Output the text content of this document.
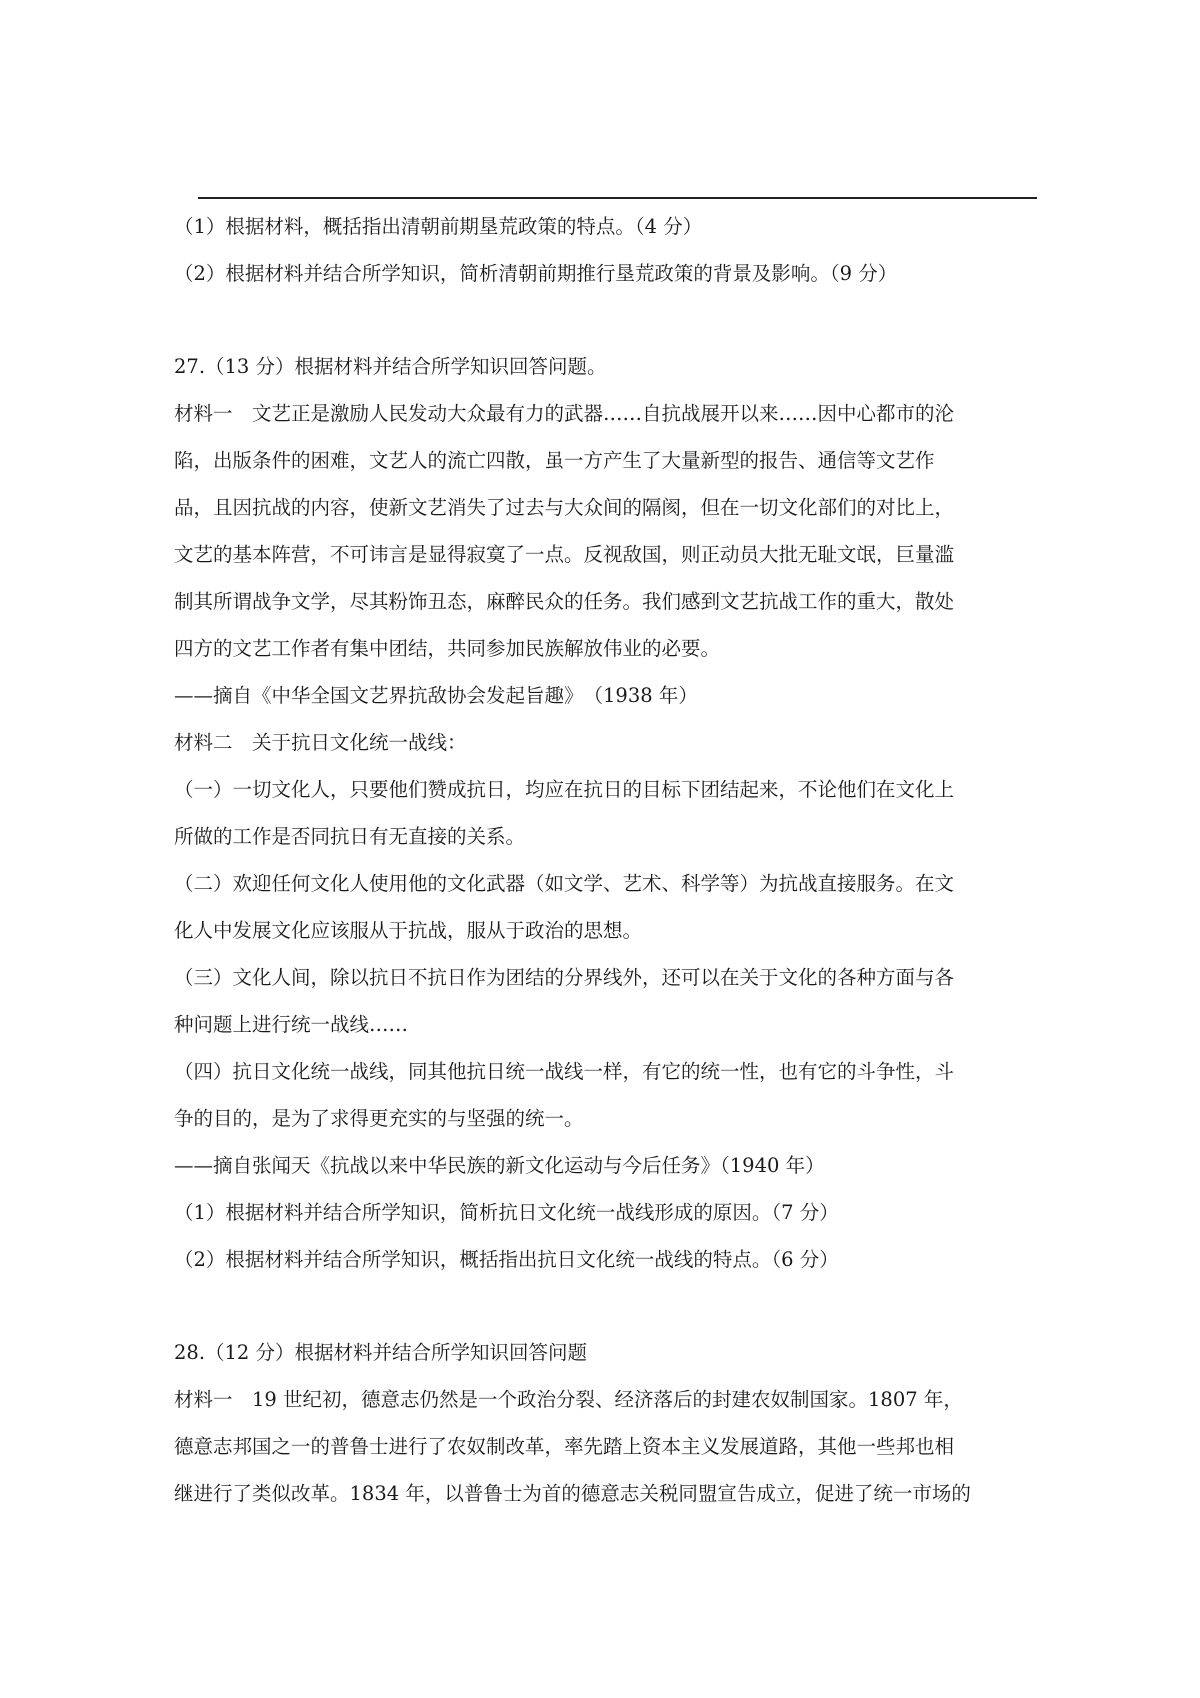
（1）根据材料，概括指出清朝前期垦荒政策的特点。（4 分）
（2）根据材料并结合所学知识，简析清朝前期推行垦荒政策的背景及影响。（9 分）
27.（13 分）根据材料并结合所学知识回答问题。
材料一　文艺正是激励人民发动大众最有力的武器……自抗战展开以来……因中心都市的沦
陷，出版条件的困难，文艺人的流亡四散，虽一方产生了大量新型的报告、通信等文艺作
品，且因抗战的内容，使新文艺消失了过去与大众间的隔阂，但在一切文化部们的对比上，
文艺的基本阵营，不可讳言是显得寂寞了一点。反视敌国，则正动员大批无耻文氓，巨量滥
制其所谓战争文学，尽其粉饰丑态，麻醉民众的任务。我们感到文艺抗战工作的重大，散处
四方的文艺工作者有集中团结，共同参加民族解放伟业的必要。
——摘自《中华全国文艺界抗敌协会发起旨趣》　（1938 年）
材料二　关于抗日文化统一战线：
（一）一切文化人，只要他们赞成抗日，均应在抗日的目标下团结起来，不论他们在文化上
所做的工作是否同抗日有无直接的关系。
（二）欢迎任何文化人使用他的文化武器（如文学、艺术、科学等）为抗战直接服务。在文
化人中发展文化应该服从于抗战，服从于政治的思想。
（三）文化人间，除以抗日不抗日作为团结的分界线外，还可以在关于文化的各种方面与各
种问题上进行统一战线……
（四）抗日文化统一战线，同其他抗日统一战线一样，有它的统一性，也有它的斗争性，斗
争的目的，是为了求得更充实的与坚强的统一。
——摘自张闻天《抗战以来中华民族的新文化运动与今后任务》（1940 年）
（1）根据材料并结合所学知识，简析抗日文化统一战线形成的原因。（7 分）
（2）根据材料并结合所学知识，概括指出抗日文化统一战线的特点。（6 分）
28.（12 分）根据材料并结合所学知识回答问题
材料一　19 世纪初，德意志仍然是一个政治分裂、经济落后的封建农奴制国家。1807 年，
德意志邦国之一的普鲁士进行了农奴制改革，率先踏上资本主义发展道路，其他一些邦也相
继进行了类似改革。1834 年，以普鲁士为首的德意志关税同盟宣告成立，促进了统一市场的
